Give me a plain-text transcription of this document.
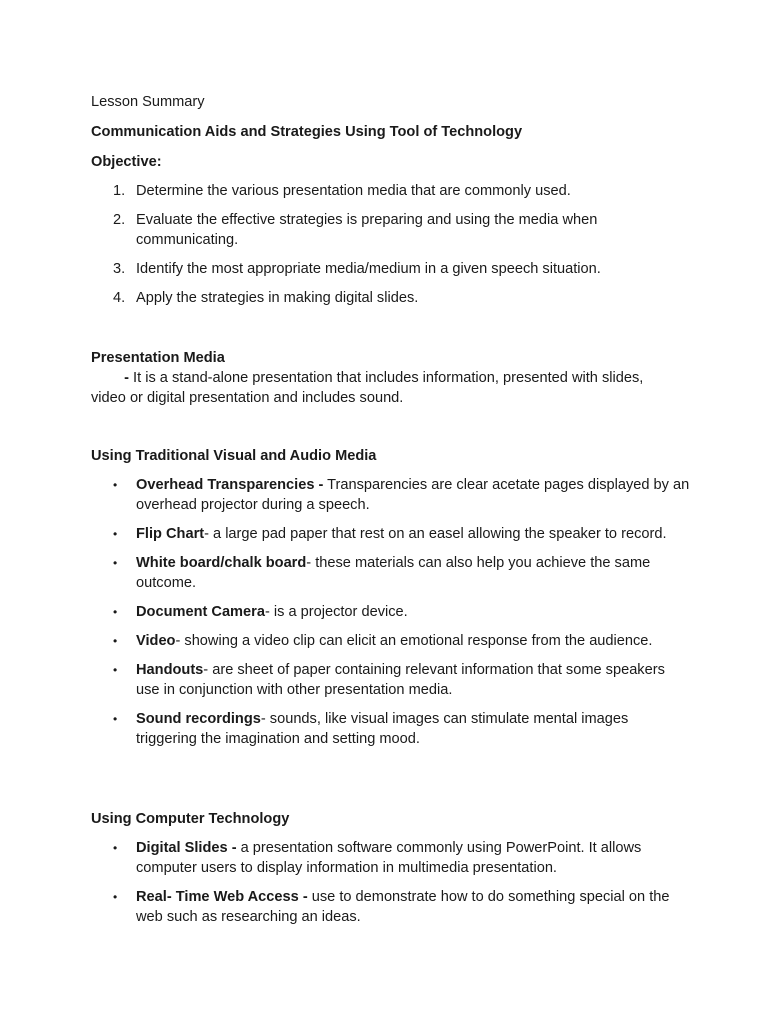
Lesson Summary

Communication Aids and Strategies Using Tool of Technology

Objective:

1. Determine the various presentation media that are commonly used.
2. Evaluate the effective strategies is preparing and using the media when communicating.
3. Identify the most appropriate media/medium in a given speech situation.
4. Apply the strategies in making digital slides.

Presentation Media

- It is a stand-alone presentation that includes information, presented with slides, video or digital presentation and includes sound.

Using Traditional Visual and Audio Media

• Overhead Transparencies - Transparencies are clear acetate pages displayed by an overhead projector during a speech.
• Flip Chart- a large pad paper that rest on an easel allowing the speaker to record.
• White board/chalk board- these materials can also help you achieve the same outcome.
• Document Camera- is a projector device.
• Video- showing a video clip can elicit an emotional response from the audience.
• Handouts- are sheet of paper containing relevant information that some speakers use in conjunction with other presentation media.
• Sound recordings- sounds, like visual images can stimulate mental images triggering the imagination and setting mood.

Using Computer Technology

• Digital Slides - a presentation software commonly using PowerPoint. It allows computer users to display information in multimedia presentation.
• Real- Time Web Access - use to demonstrate how to do something special on the web such as researching an ideas.
